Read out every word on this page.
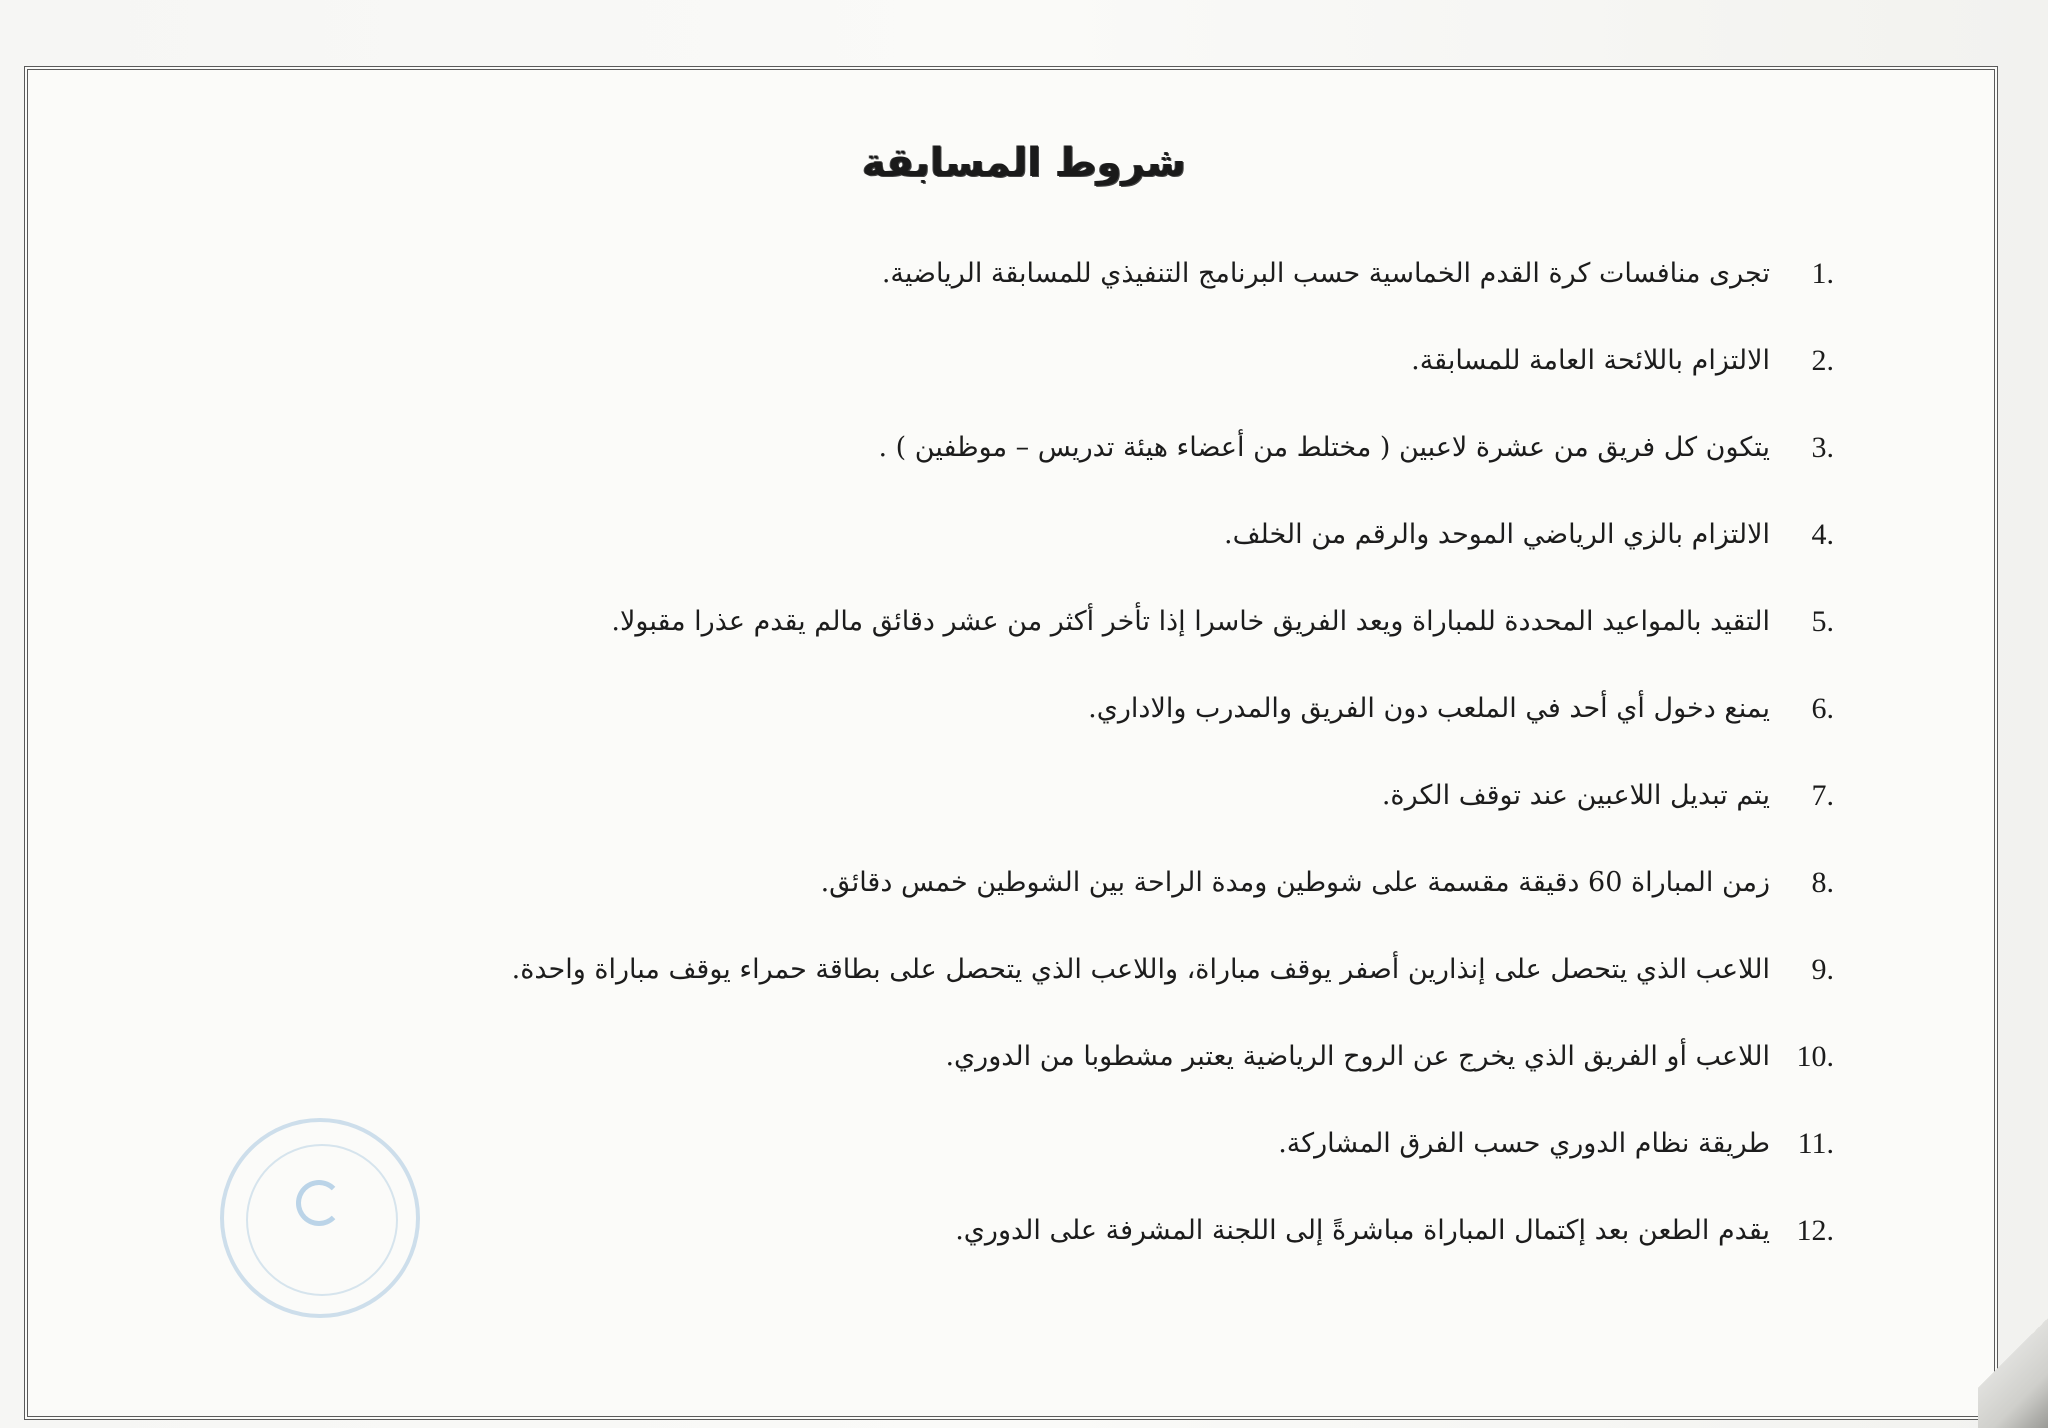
شروط المسابقة
1.
تجرى منافسات كرة القدم الخماسية حسب البرنامج التنفيذي للمسابقة الرياضية.
2.
الالتزام باللائحة العامة للمسابقة.
3.
يتكون كل فريق من عشرة لاعبين ( مختلط من أعضاء هيئة تدريس – موظفين ) .
4.
الالتزام بالزي الرياضي الموحد والرقم من الخلف.
5.
التقيد بالمواعيد المحددة للمباراة ويعد الفريق خاسرا إذا تأخر أكثر من عشر دقائق مالم يقدم عذرا مقبولا.
6.
يمنع دخول أي أحد في الملعب دون الفريق والمدرب والاداري.
7.
يتم تبديل اللاعبين عند توقف الكرة.
8.
زمن المباراة 60 دقيقة مقسمة على شوطين ومدة الراحة بين الشوطين خمس دقائق.
9.
اللاعب الذي يتحصل على إنذارين أصفر يوقف مباراة، واللاعب الذي يتحصل على بطاقة حمراء يوقف مباراة واحدة.
10.
اللاعب أو الفريق الذي يخرج عن الروح الرياضية يعتبر مشطوبا من الدوري.
11.
طريقة نظام الدوري حسب الفرق المشاركة.
12.
يقدم الطعن بعد إكتمال المباراة مباشرةً إلى اللجنة المشرفة على الدوري.
